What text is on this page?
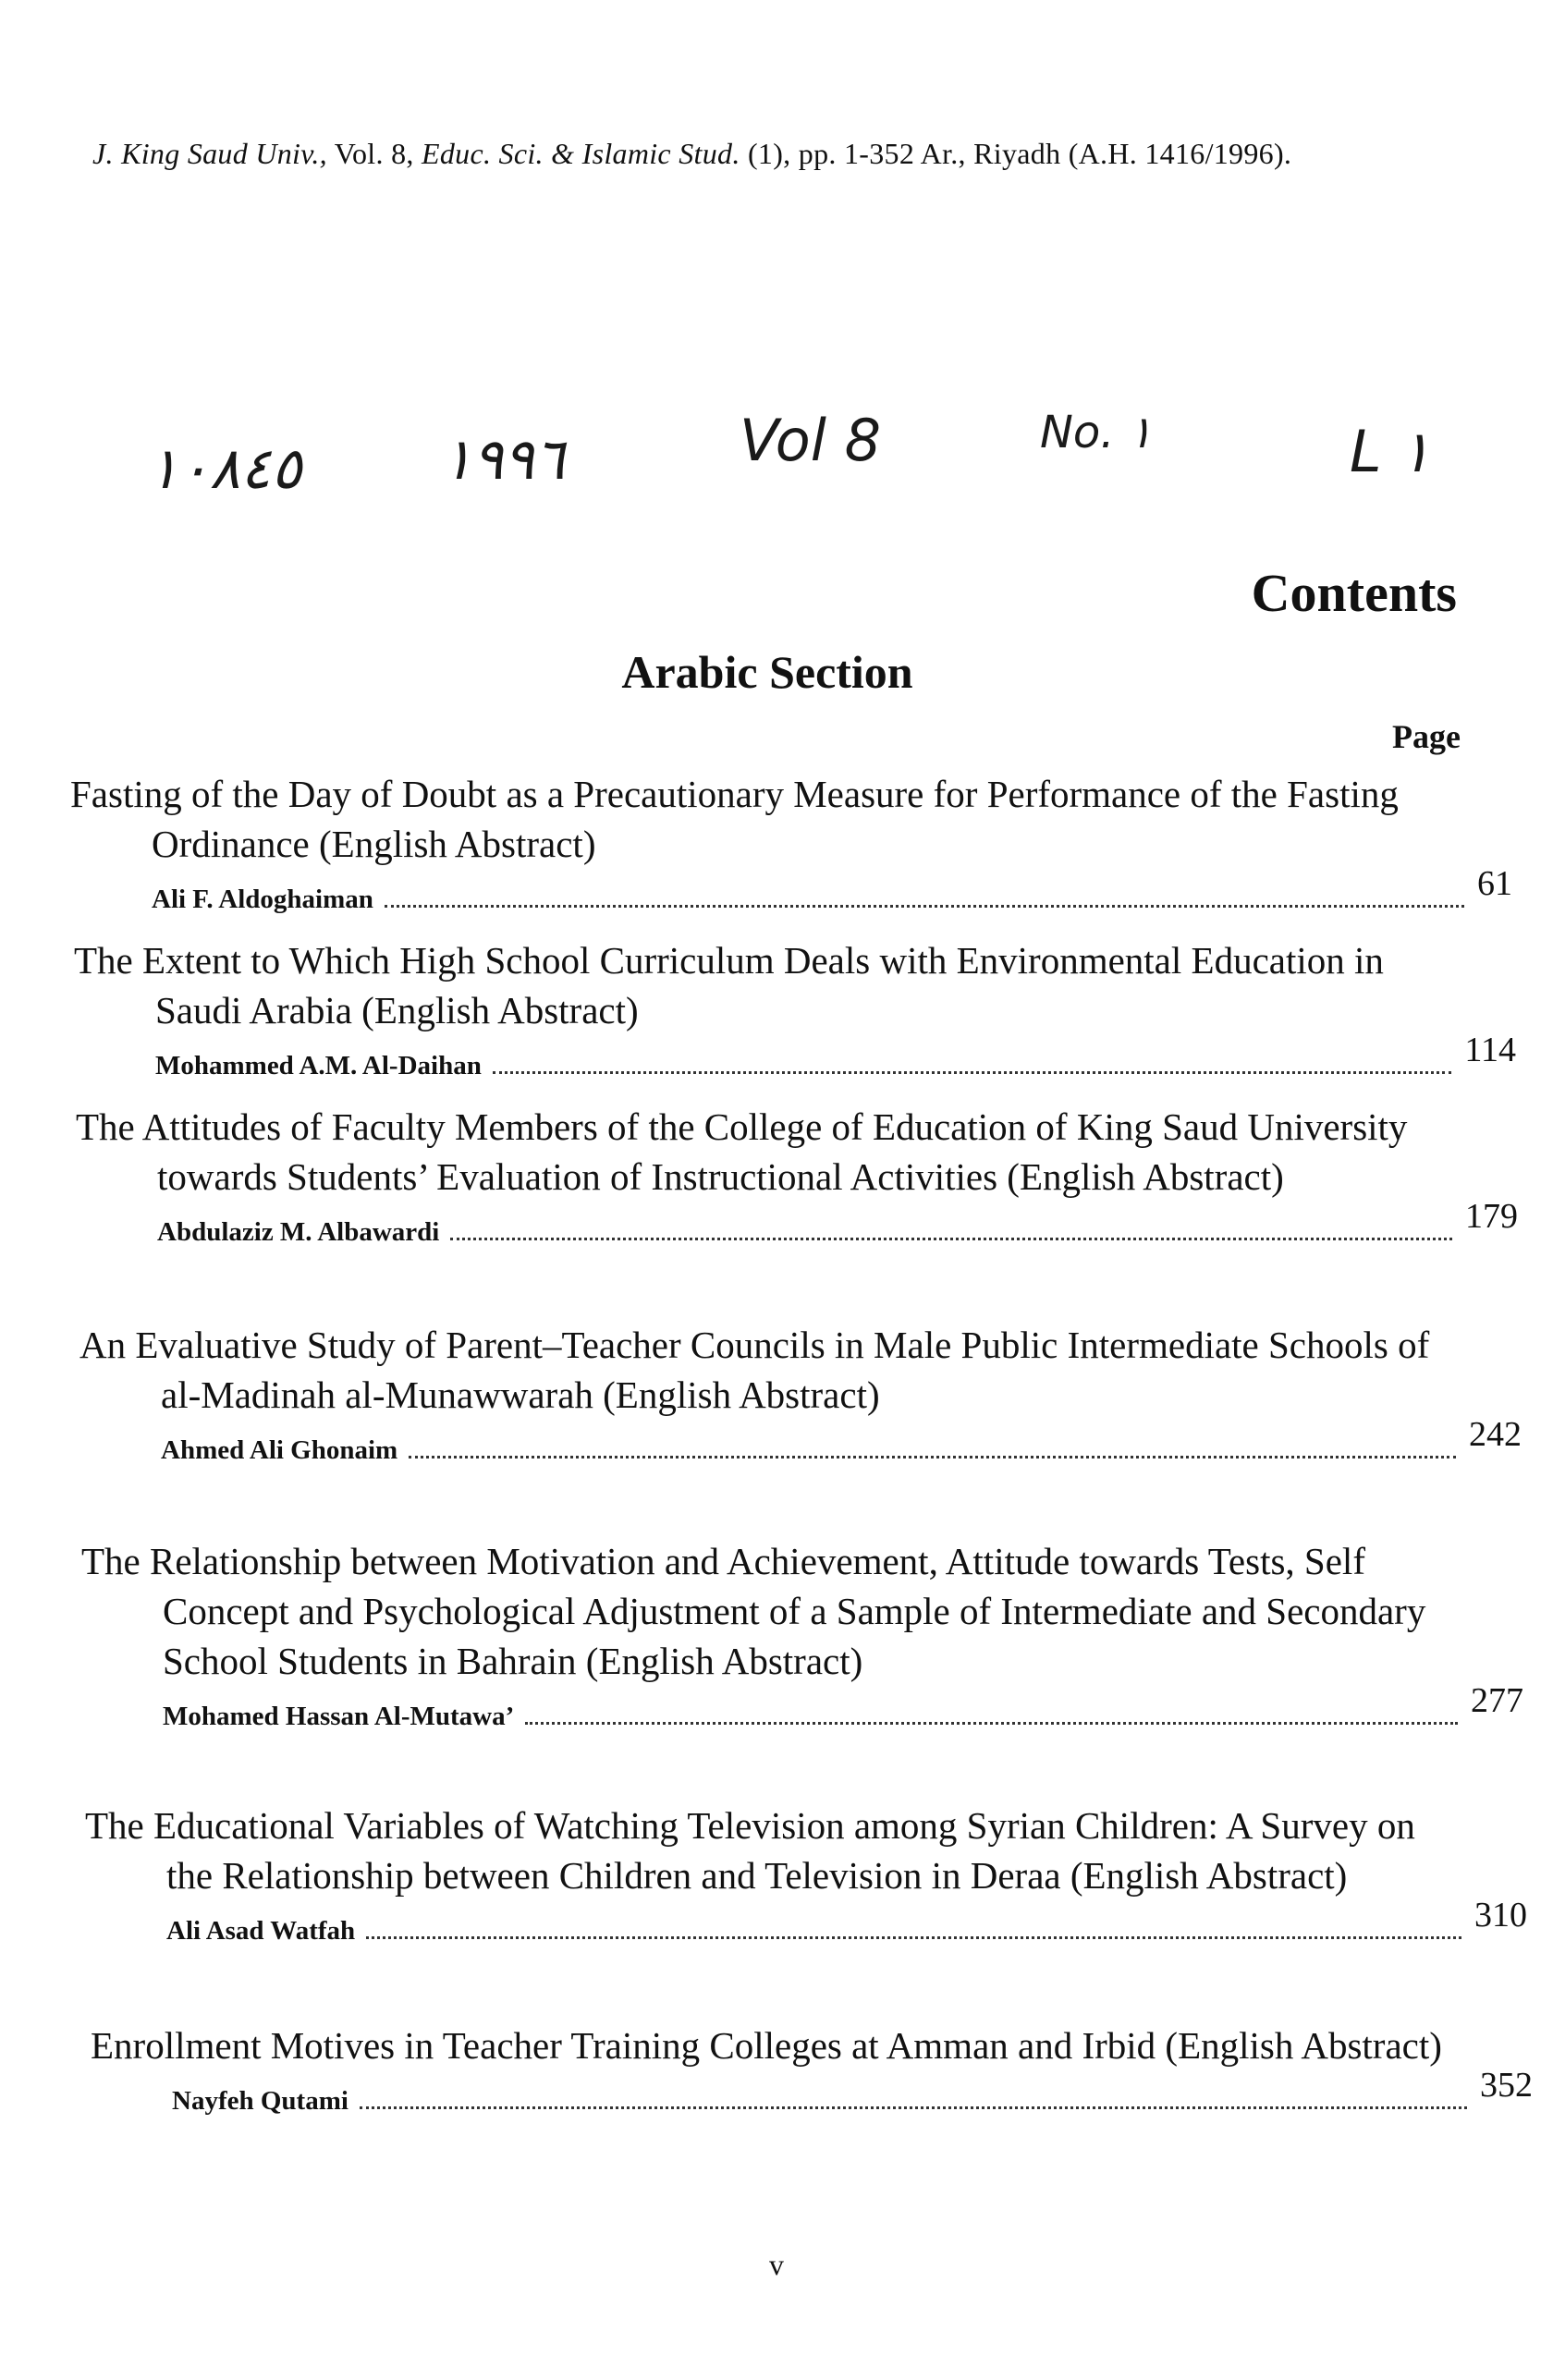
J. King Saud Univ., Vol. 8, Educ. Sci. & Islamic Stud. (1), pp. 1-352 Ar., Riyadh (A.H. 1416/1996).
١٠٨٤٥ ١٩٩٦	Vol 8	No. ١	L ١
Contents
Arabic Section
Page
Fasting of the Day of Doubt as a Precautionary Measure for Performance of the Fasting Ordinance (English Abstract)
Ali F. Aldoghaiman	61
The Extent to Which High School Curriculum Deals with Environmental Education in Saudi Arabia (English Abstract)
Mohammed A.M. Al-Daihan	114
The Attitudes of Faculty Members of the College of Education of King Saud University towards Students’ Evaluation of Instructional Activities (English Abstract)
Abdulaziz M. Albawardi	179
An Evaluative Study of Parent–Teacher Councils in Male Public Intermediate Schools of al-Madinah al-Munawwarah (English Abstract)
Ahmed Ali Ghonaim	242
The Relationship between Motivation and Achievement, Attitude towards Tests, Self Concept and Psychological Adjustment of a Sample of Intermediate and Secondary School Students in Bahrain (English Abstract)
Mohamed Hassan Al-Mutawa’	277
The Educational Variables of Watching Television among Syrian Children: A Survey on the Relationship between Children and Television in Deraa (English Abstract)
Ali Asad Watfah	310
Enrollment Motives in Teacher Training Colleges at Amman and Irbid (English Abstract)
Nayfeh Qutami	352
v
